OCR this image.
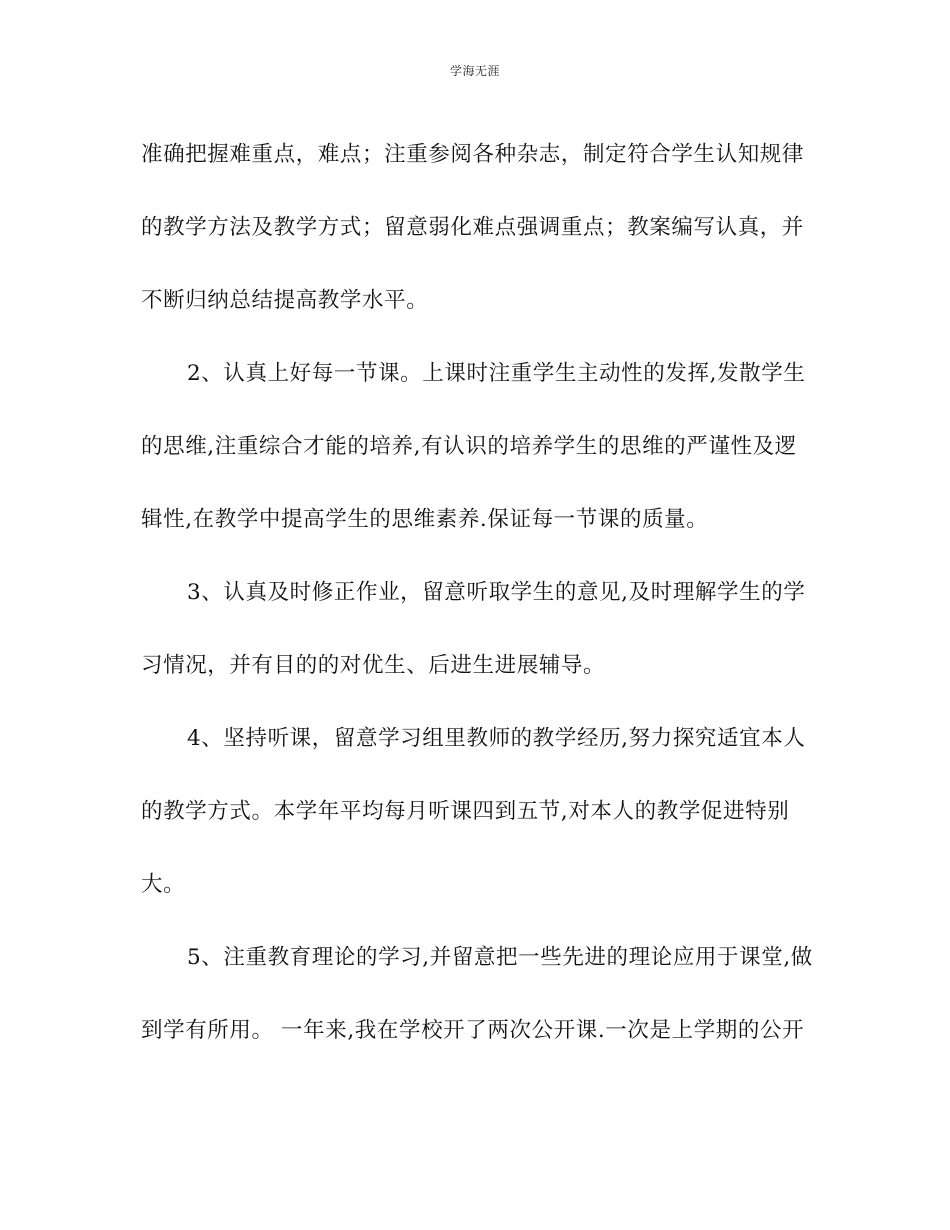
学海无涯
准确把握难重点，难点；注重参阅各种杂志，制定符合学生认知规律
的教学方法及教学方式；留意弱化难点强调重点；教案编写认真，并
不断归纳总结提高教学水平。
2、认真上好每一节课。上课时注重学生主动性的发挥,发散学生
的思维,注重综合才能的培养,有认识的培养学生的思维的严谨性及逻
辑性,在教学中提高学生的思维素养.保证每一节课的质量。
3、认真及时修正作业，留意听取学生的意见,及时理解学生的学
习情况，并有目的的对优生、后进生进展辅导。
4、坚持听课，留意学习组里教师的教学经历,努力探究适宜本人
的教学方式。本学年平均每月听课四到五节,对本人的教学促进特别
大。
5、注重教育理论的学习,并留意把一些先进的理论应用于课堂,做
到学有所用。 一年来,我在学校开了两次公开课.一次是上学期的公开
